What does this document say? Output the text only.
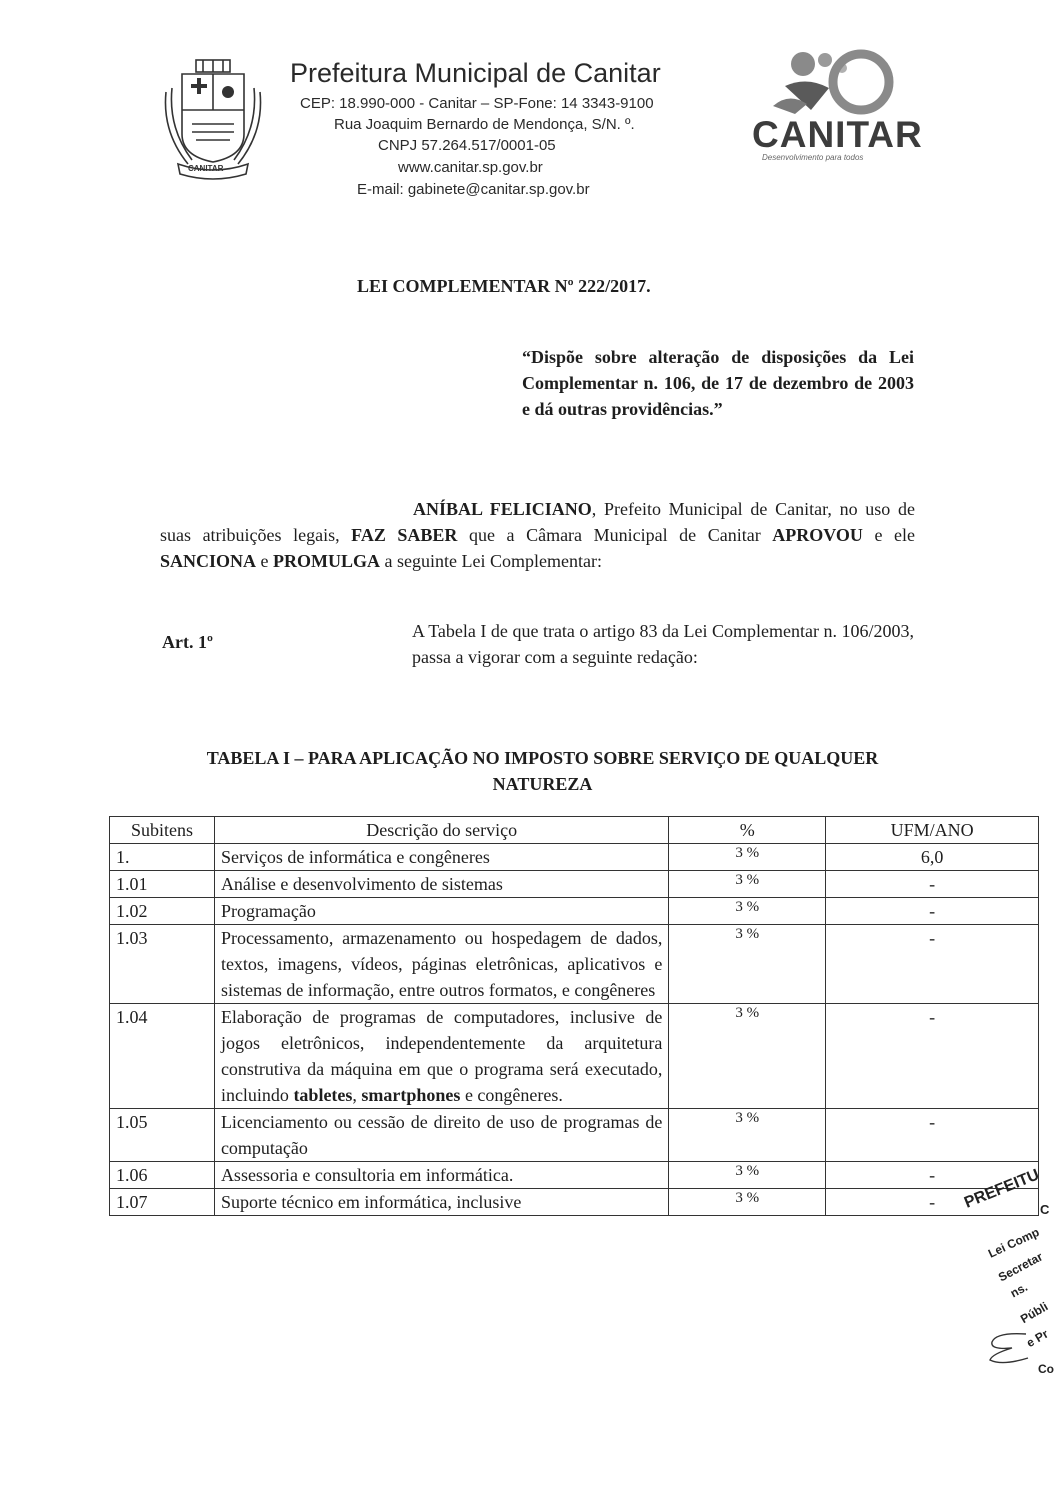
CANITAR
Prefeitura Municipal de Canitar
CEP: 18.990-000 - Canitar – SP-Fone: 14 3343-9100
Rua Joaquim Bernardo de Mendonça, S/N. º.
CNPJ 57.264.517/0001-05
www.canitar.sp.gov.br
E-mail: gabinete@canitar.sp.gov.br
CANITAR
Desenvolvimento para todos
LEI COMPLEMENTAR Nº 222/2017.
“Dispõe sobre alteração de disposições da Lei Complementar n. 106, de 17 de dezembro de 2003 e dá outras providências.”
ANÍBAL FELICIANO, Prefeito Municipal de Canitar, no uso de suas atribuições legais, FAZ SABER que a Câmara Municipal de Canitar APROVOU e ele SANCIONA e PROMULGA a seguinte Lei Complementar:
Art. 1º
A Tabela I de que trata o artigo 83 da Lei Complementar n. 106/2003, passa a vigorar com a seguinte redação:
TABELA I – PARA APLICAÇÃO NO IMPOSTO SOBRE SERVIÇO DE QUALQUER NATUREZA
Subitens	Descrição do serviço	%	UFM/ANO
1.	Serviços de informática e congêneres	3 %	6,0
1.01	Análise e desenvolvimento de sistemas	3 %	-
1.02	Programação	3 %	-
1.03	Processamento, armazenamento ou hospedagem de dados, textos, imagens, vídeos, páginas eletrônicas, aplicativos e sistemas de informação, entre outros formatos, e congêneres	3 %	-
1.04	Elaboração de programas de computadores, inclusive de jogos eletrônicos, independentemente da arquitetura construtiva da máquina em que o programa será executado, incluindo tabletes, smartphones e congêneres.	3 %	-
1.05	Licenciamento ou cessão de direito de uso de programas de computação	3 %	-
1.06	Assessoria e consultoria em informática.	3 %	-
1.07	Suporte técnico em informática, inclusive	3 %	- PREFEITU
C
Lei Comp
Secretar
ns.
Públi
e Pr
Co
